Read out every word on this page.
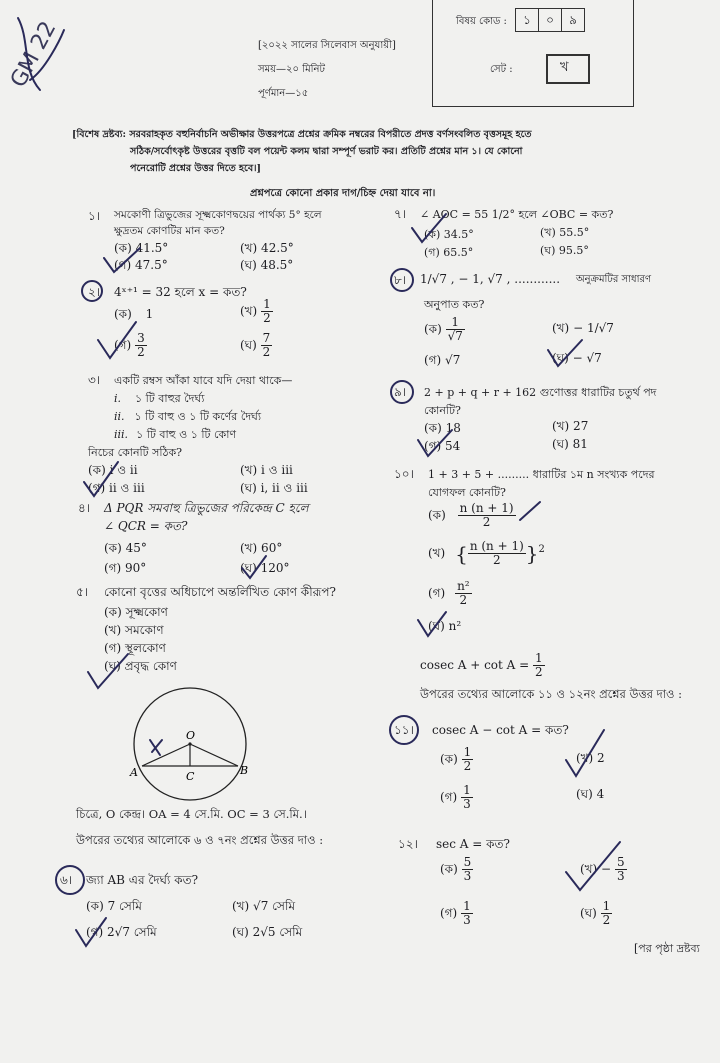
বিষয় কোড :	১	০	৯
সেট :	খ
[২০২২ সালের সিলেবাস অনুযায়ী]
সময়—২০ মিনিট
পূর্ণমান—১৫
GM 22
[বিশেষ দ্রষ্টব্য: সরবরাহকৃত বহুনির্বাচনি অভীক্ষার উত্তরপত্রে প্রশ্নের ক্রমিক নম্বরের বিপরীতে প্রদত্ত বর্ণসংবলিত বৃত্তসমূহ হতে
সঠিক/সর্বোৎকৃষ্ট উত্তরের বৃত্তটি বল পয়েন্ট কলম দ্বারা সম্পূর্ণ ভরাট কর। প্রতিটি প্রশ্নের মান ১। যে কোনো
পনেরোটি প্রশ্নের উত্তর দিতে হবে।]
প্রশ্নপত্রে কোনো প্রকার দাগ/চিহ্ন দেয়া যাবে না।
১। সমকোণী ত্রিভুজের সূক্ষ্মকোণদ্বয়ের পার্থক্য 5° হলে
ক্ষুদ্রতম কোণটির মান কত?
(ক) 41.5°	(খ) 42.5°
(গ) 47.5°	(ঘ) 48.5°
২। 4ˣ⁺¹ = 32 হলে x = কত?
(ক) 1	(খ) $\frac{1}{2}$
(গ) $\frac{3}{2}$	(ঘ) $\frac{7}{2}$
৩। একটি রম্বস আঁকা যাবে যদি দেয়া থাকে—
i. ১ টি বাহুর দৈর্ঘ্য
ii. ১ টি বাহু ও ১ টি কর্ণের দৈর্ঘ্য
iii. ১ টি বাহু ও ১ টি কোণ
নিচের কোনটি সঠিক?
(ক) i ও ii	(খ) i ও iii
(গ) ii ও iii	(ঘ) i, ii ও iii
৪। Δ PQR সমবাহু ত্রিভুজের পরিকেন্দ্র C হলে
∠ QCR = কত?
(ক) 45°	(খ) 60°
(গ) 90°	(ঘ) 120°
৫। কোনো বৃত্তের অধিচাপে অন্তর্লিখিত কোণ কীরূপ?
(ক) সূক্ষ্মকোণ
(খ) সমকোণ
(গ) স্থূলকোণ
(ঘ) প্রবৃদ্ধ কোণ
O
A	B
C
চিত্রে, O কেন্দ্র। OA = 4 সে.মি. OC = 3 সে.মি.।
উপরের তথ্যের আলোকে ৬ ও ৭নং প্রশ্নের উত্তর দাও :
৬। জ্যা AB এর দৈর্ঘ্য কত?
(ক) 7 সেমি	(খ) √7 সেমি
(গ) 2√7 সেমি	(ঘ) 2√5 সেমি
৭। ∠ AOC = 55 1/2° হলে ∠OBC = কত?
(ক) 34.5°	(খ) 55.5°
(গ) 65.5°	(ঘ) 95.5°
৮। 1/√7 , − 1, √7 , ............ অনুক্রমটির সাধারণ
অনুপাত কত?
(ক) $\frac{1}{√7}$	(খ) − 1/√7
(গ) √7	(ঘ) − √7
৯। 2 + p + q + r + 162 গুণোত্তর ধারাটির চতুর্থ পদ
কোনটি?
(ক) 18	(খ) 27
(গ) 54	(ঘ) 81
১০। 1 + 3 + 5 + ......... ধারাটির ১ম n সংখ্যক পদের
যোগফল কোনটি?
(ক) $\frac{n (n + 1)}{2}$
(খ) { $\frac{n (n + 1)}{2} \}^2$
(গ) $\frac{\text{n²}}{2}$
(ঘ) n²
cosec $A + \cot A = \frac{1}{2}$
উপরের তথ্যের আলোকে ১১ ও ১২নং প্রশ্নের উত্তর দাও :
১১। cosec A − cot A = কত?
(ক) $\frac{1}{2}$	(খ) 2
(গ) $\frac{1}{3}$	(ঘ) 4
১২। sec A = কত?
(ক) $\frac{5}{3}$	(খ) − $\frac{5}{3}$
(গ) $\frac{1}{3}$	(ঘ) $\frac{1}{2}$
[পর পৃষ্ঠা দ্রষ্টব্য
